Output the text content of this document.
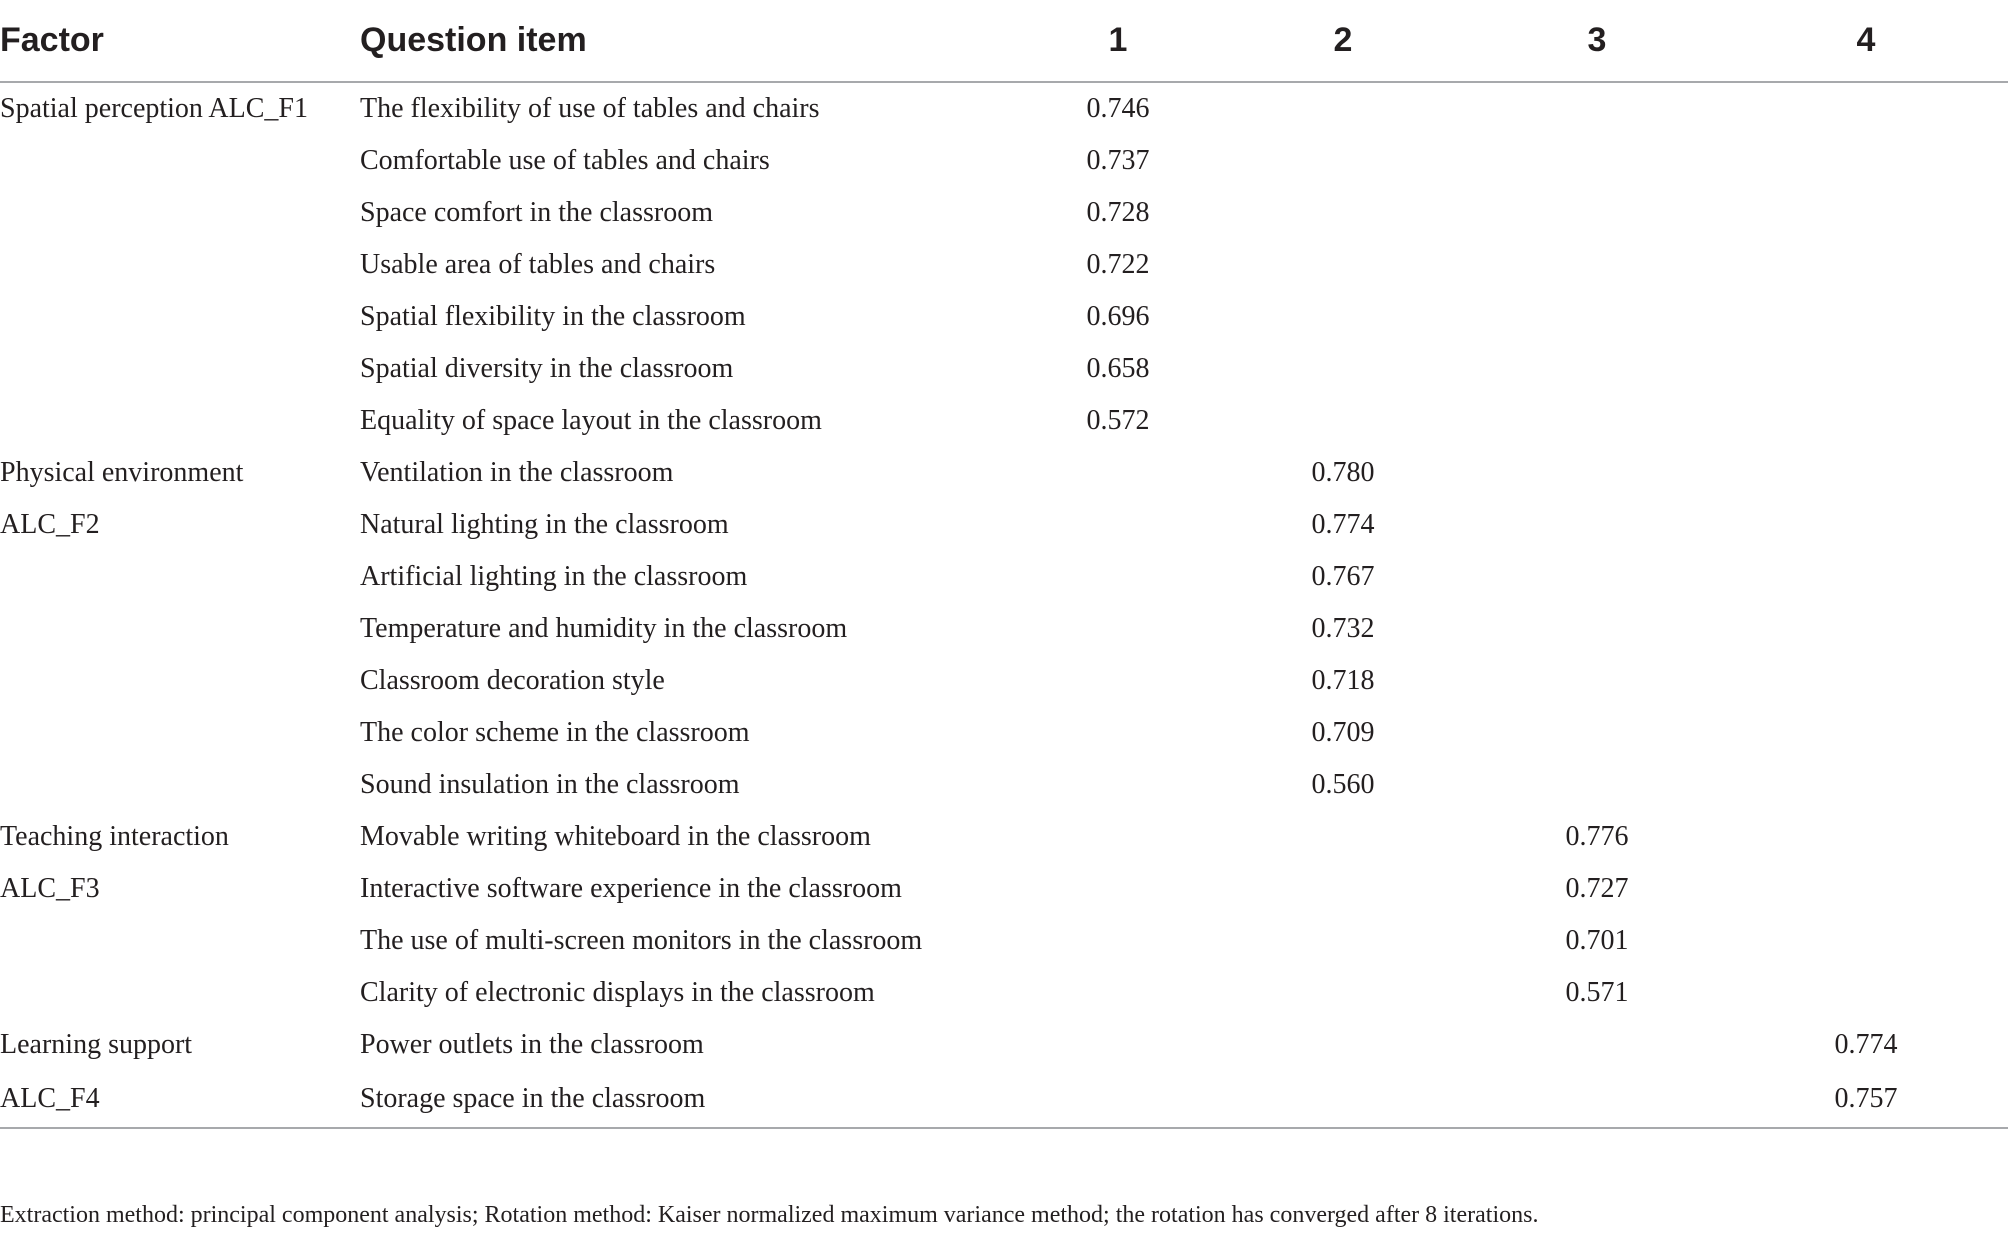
Factor	Question item	1	2	3	4
Spatial perception ALC_F1	The flexibility of use of tables and chairs	0.746			
	Comfortable use of tables and chairs	0.737			
	Space comfort in the classroom	0.728			
	Usable area of tables and chairs	0.722			
	Spatial flexibility in the classroom	0.696			
	Spatial diversity in the classroom	0.658			
	Equality of space layout in the classroom	0.572			
Physical environment	Ventilation in the classroom		0.780		
ALC_F2	Natural lighting in the classroom		0.774		
	Artificial lighting in the classroom		0.767		
	Temperature and humidity in the classroom		0.732		
	Classroom decoration style		0.718		
	The color scheme in the classroom		0.709		
	Sound insulation in the classroom		0.560		
Teaching interaction	Movable writing whiteboard in the classroom			0.776	
ALC_F3	Interactive software experience in the classroom			0.727	
	The use of multi-screen monitors in the classroom			0.701	
	Clarity of electronic displays in the classroom			0.571	
Learning support	Power outlets in the classroom				0.774
ALC_F4	Storage space in the classroom				0.757
Extraction method: principal component analysis; Rotation method: Kaiser normalized maximum variance method; the rotation has converged after 8 iterations.
